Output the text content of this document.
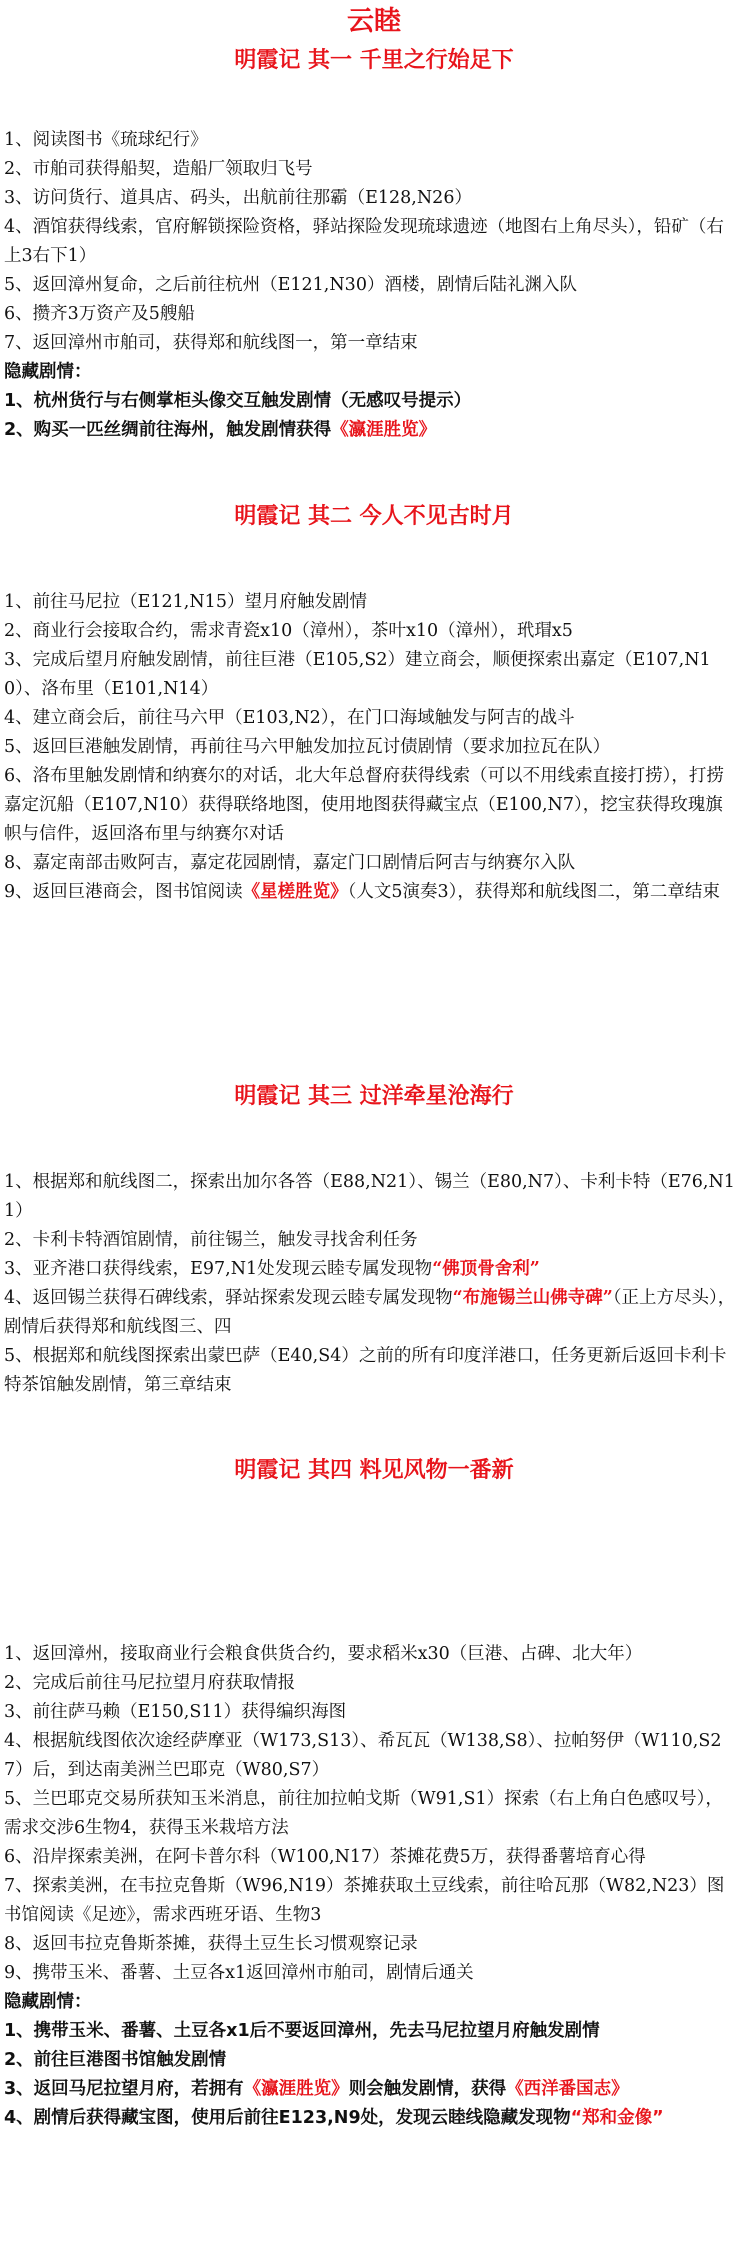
云睦
明霞记 其一 千里之行始足下
1、阅读图书《琉球纪行》
2、市舶司获得船契，造船厂领取归飞号
3、访问货行、道具店、码头，出航前往那霸（E128,N26）
4、酒馆获得线索，官府解锁探险资格，驿站探险发现琉球遗迹（地图右上角尽头），铅矿（右上3右下1）
5、返回漳州复命，之后前往杭州（E121,N30）酒楼，剧情后陆礼渊入队
6、攒齐3万资产及5艘船
7、返回漳州市舶司，获得郑和航线图一，第一章结束
隐藏剧情：
1、杭州货行与右侧掌柜头像交互触发剧情（无感叹号提示）
2、购买一匹丝绸前往海州，触发剧情获得《瀛涯胜览》
明霞记 其二 今人不见古时月
1、前往马尼拉（E121,N15）望月府触发剧情
2、商业行会接取合约，需求青瓷x10（漳州），茶叶x10（漳州），玳瑁x5
3、完成后望月府触发剧情，前往巨港（E105,S2）建立商会，顺便探索出嘉定（E107,N10）、洛布里（E101,N14）
4、建立商会后，前往马六甲（E103,N2），在门口海域触发与阿吉的战斗
5、返回巨港触发剧情，再前往马六甲触发加拉瓦讨债剧情（要求加拉瓦在队）
6、洛布里触发剧情和纳赛尔的对话，北大年总督府获得线索（可以不用线索直接打捞），打捞嘉定沉船（E107,N10）获得联络地图，使用地图获得藏宝点（E100,N7），挖宝获得玫瑰旗帜与信件，返回洛布里与纳赛尔对话
8、嘉定南部击败阿吉，嘉定花园剧情，嘉定门口剧情后阿吉与纳赛尔入队
9、返回巨港商会，图书馆阅读《星槎胜览》（人文5演奏3），获得郑和航线图二，第二章结束
明霞记 其三 过洋牵星沧海行
1、根据郑和航线图二，探索出加尔各答（E88,N21）、锡兰（E80,N7）、卡利卡特（E76,N11）
2、卡利卡特酒馆剧情，前往锡兰，触发寻找舍利任务
3、亚齐港口获得线索，E97,N1处发现云睦专属发现物“佛顶骨舍利”
4、返回锡兰获得石碑线索，驿站探索发现云睦专属发现物“布施锡兰山佛寺碑”（正上方尽头），剧情后获得郑和航线图三、四
5、根据郑和航线图探索出蒙巴萨（E40,S4）之前的所有印度洋港口，任务更新后返回卡利卡特茶馆触发剧情，第三章结束
明霞记 其四 料见风物一番新
1、返回漳州，接取商业行会粮食供货合约，要求稻米x30（巨港、占碑、北大年）
2、完成后前往马尼拉望月府获取情报
3、前往萨马赖（E150,S11）获得编织海图
4、根据航线图依次途经萨摩亚（W173,S13）、希瓦瓦（W138,S8）、拉帕努伊（W110,S27）后，到达南美洲兰巴耶克（W80,S7）
5、兰巴耶克交易所获知玉米消息，前往加拉帕戈斯（W91,S1）探索（右上角白色感叹号），需求交涉6生物4，获得玉米栽培方法
6、沿岸探索美洲，在阿卡普尔科（W100,N17）茶摊花费5万，获得番薯培育心得
7、探索美洲，在韦拉克鲁斯（W96,N19）茶摊获取土豆线索，前往哈瓦那（W82,N23）图书馆阅读《足迹》，需求西班牙语、生物3
8、返回韦拉克鲁斯茶摊，获得土豆生长习惯观察记录
9、携带玉米、番薯、土豆各x1返回漳州市舶司，剧情后通关
隐藏剧情：
1、携带玉米、番薯、土豆各x1后不要返回漳州，先去马尼拉望月府触发剧情
2、前往巨港图书馆触发剧情
3、返回马尼拉望月府，若拥有《瀛涯胜览》则会触发剧情，获得《西洋番国志》
4、剧情后获得藏宝图，使用后前往E123,N9处，发现云睦线隐藏发现物“郑和金像”
